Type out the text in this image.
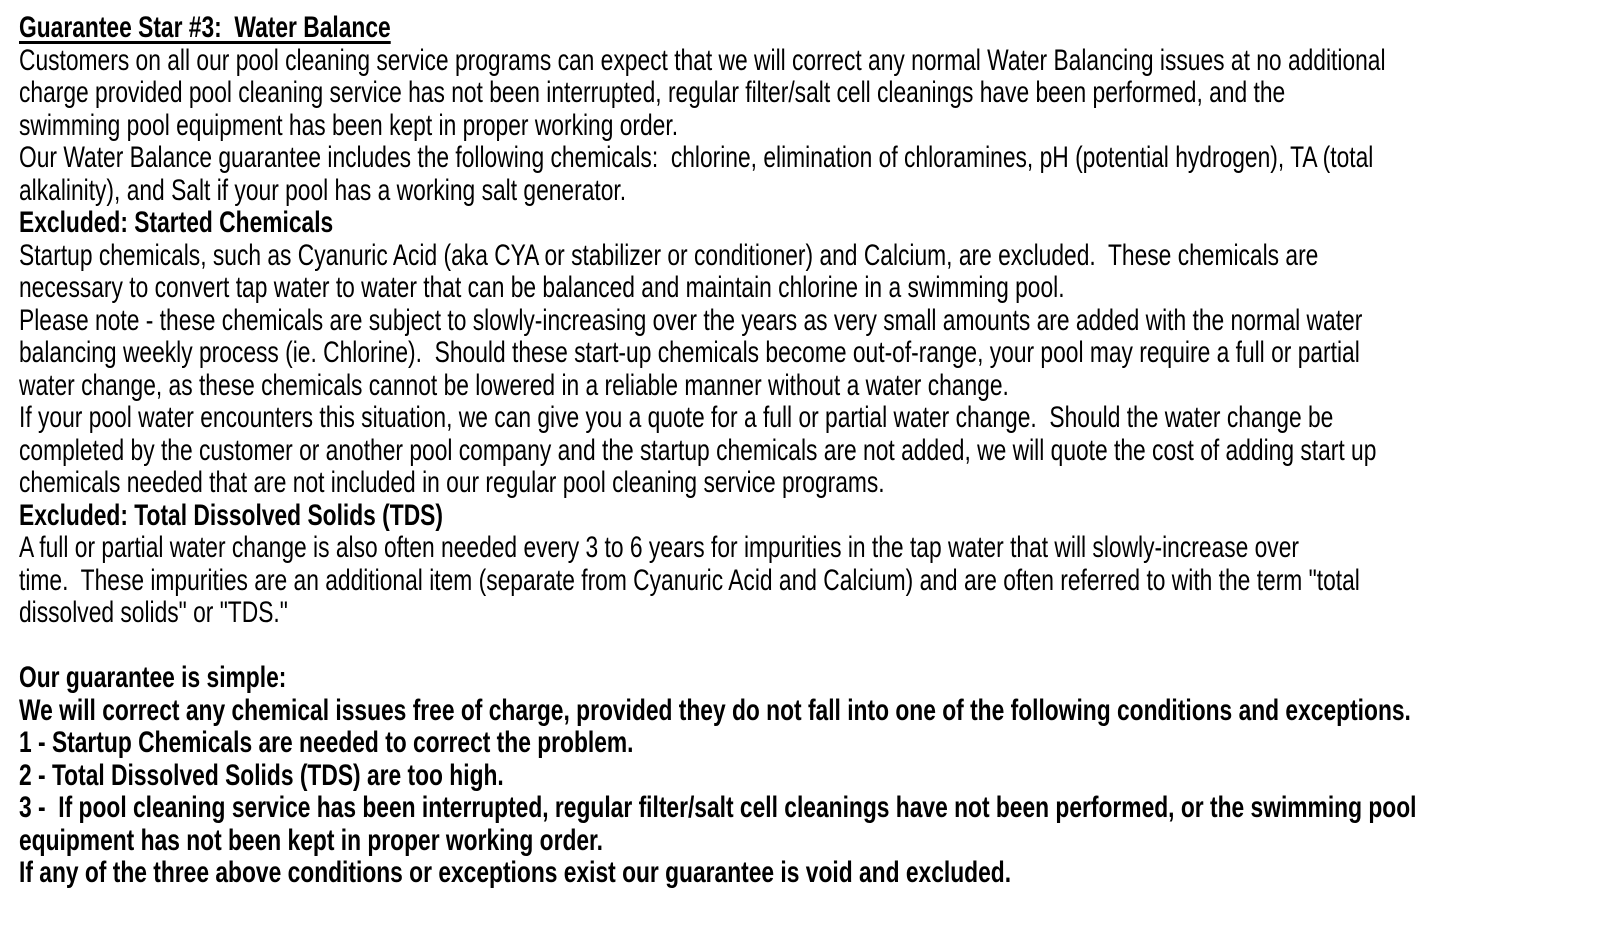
Guarantee Star #3:  Water Balance
Customers on all our pool cleaning service programs can expect that we will correct any normal Water Balancing issues at no additional
charge provided pool cleaning service has not been interrupted, regular filter/salt cell cleanings have been performed, and the
swimming pool equipment has been kept in proper working order.
Our Water Balance guarantee includes the following chemicals:  chlorine, elimination of chloramines, pH (potential hydrogen), TA (total
alkalinity), and Salt if your pool has a working salt generator.
Excluded: Started Chemicals
Startup chemicals, such as Cyanuric Acid (aka CYA or stabilizer or conditioner) and Calcium, are excluded.  These chemicals are
necessary to convert tap water to water that can be balanced and maintain chlorine in a swimming pool.
Please note - these chemicals are subject to slowly-increasing over the years as very small amounts are added with the normal water
balancing weekly process (ie. Chlorine).  Should these start-up chemicals become out-of-range, your pool may require a full or partial
water change, as these chemicals cannot be lowered in a reliable manner without a water change.
If your pool water encounters this situation, we can give you a quote for a full or partial water change.  Should the water change be
completed by the customer or another pool company and the startup chemicals are not added, we will quote the cost of adding start up
chemicals needed that are not included in our regular pool cleaning service programs.
Excluded: Total Dissolved Solids (TDS)
A full or partial water change is also often needed every 3 to 6 years for impurities in the tap water that will slowly-increase over
time.  These impurities are an additional item (separate from Cyanuric Acid and Calcium) and are often referred to with the term "total
dissolved solids" or "TDS."
Our guarantee is simple:
We will correct any chemical issues free of charge, provided they do not fall into one of the following conditions and exceptions.
1 - Startup Chemicals are needed to correct the problem.
2 - Total Dissolved Solids (TDS) are too high.
3 -  If pool cleaning service has been interrupted, regular filter/salt cell cleanings have not been performed, or the swimming pool
equipment has not been kept in proper working order.
If any of the three above conditions or exceptions exist our guarantee is void and excluded.
